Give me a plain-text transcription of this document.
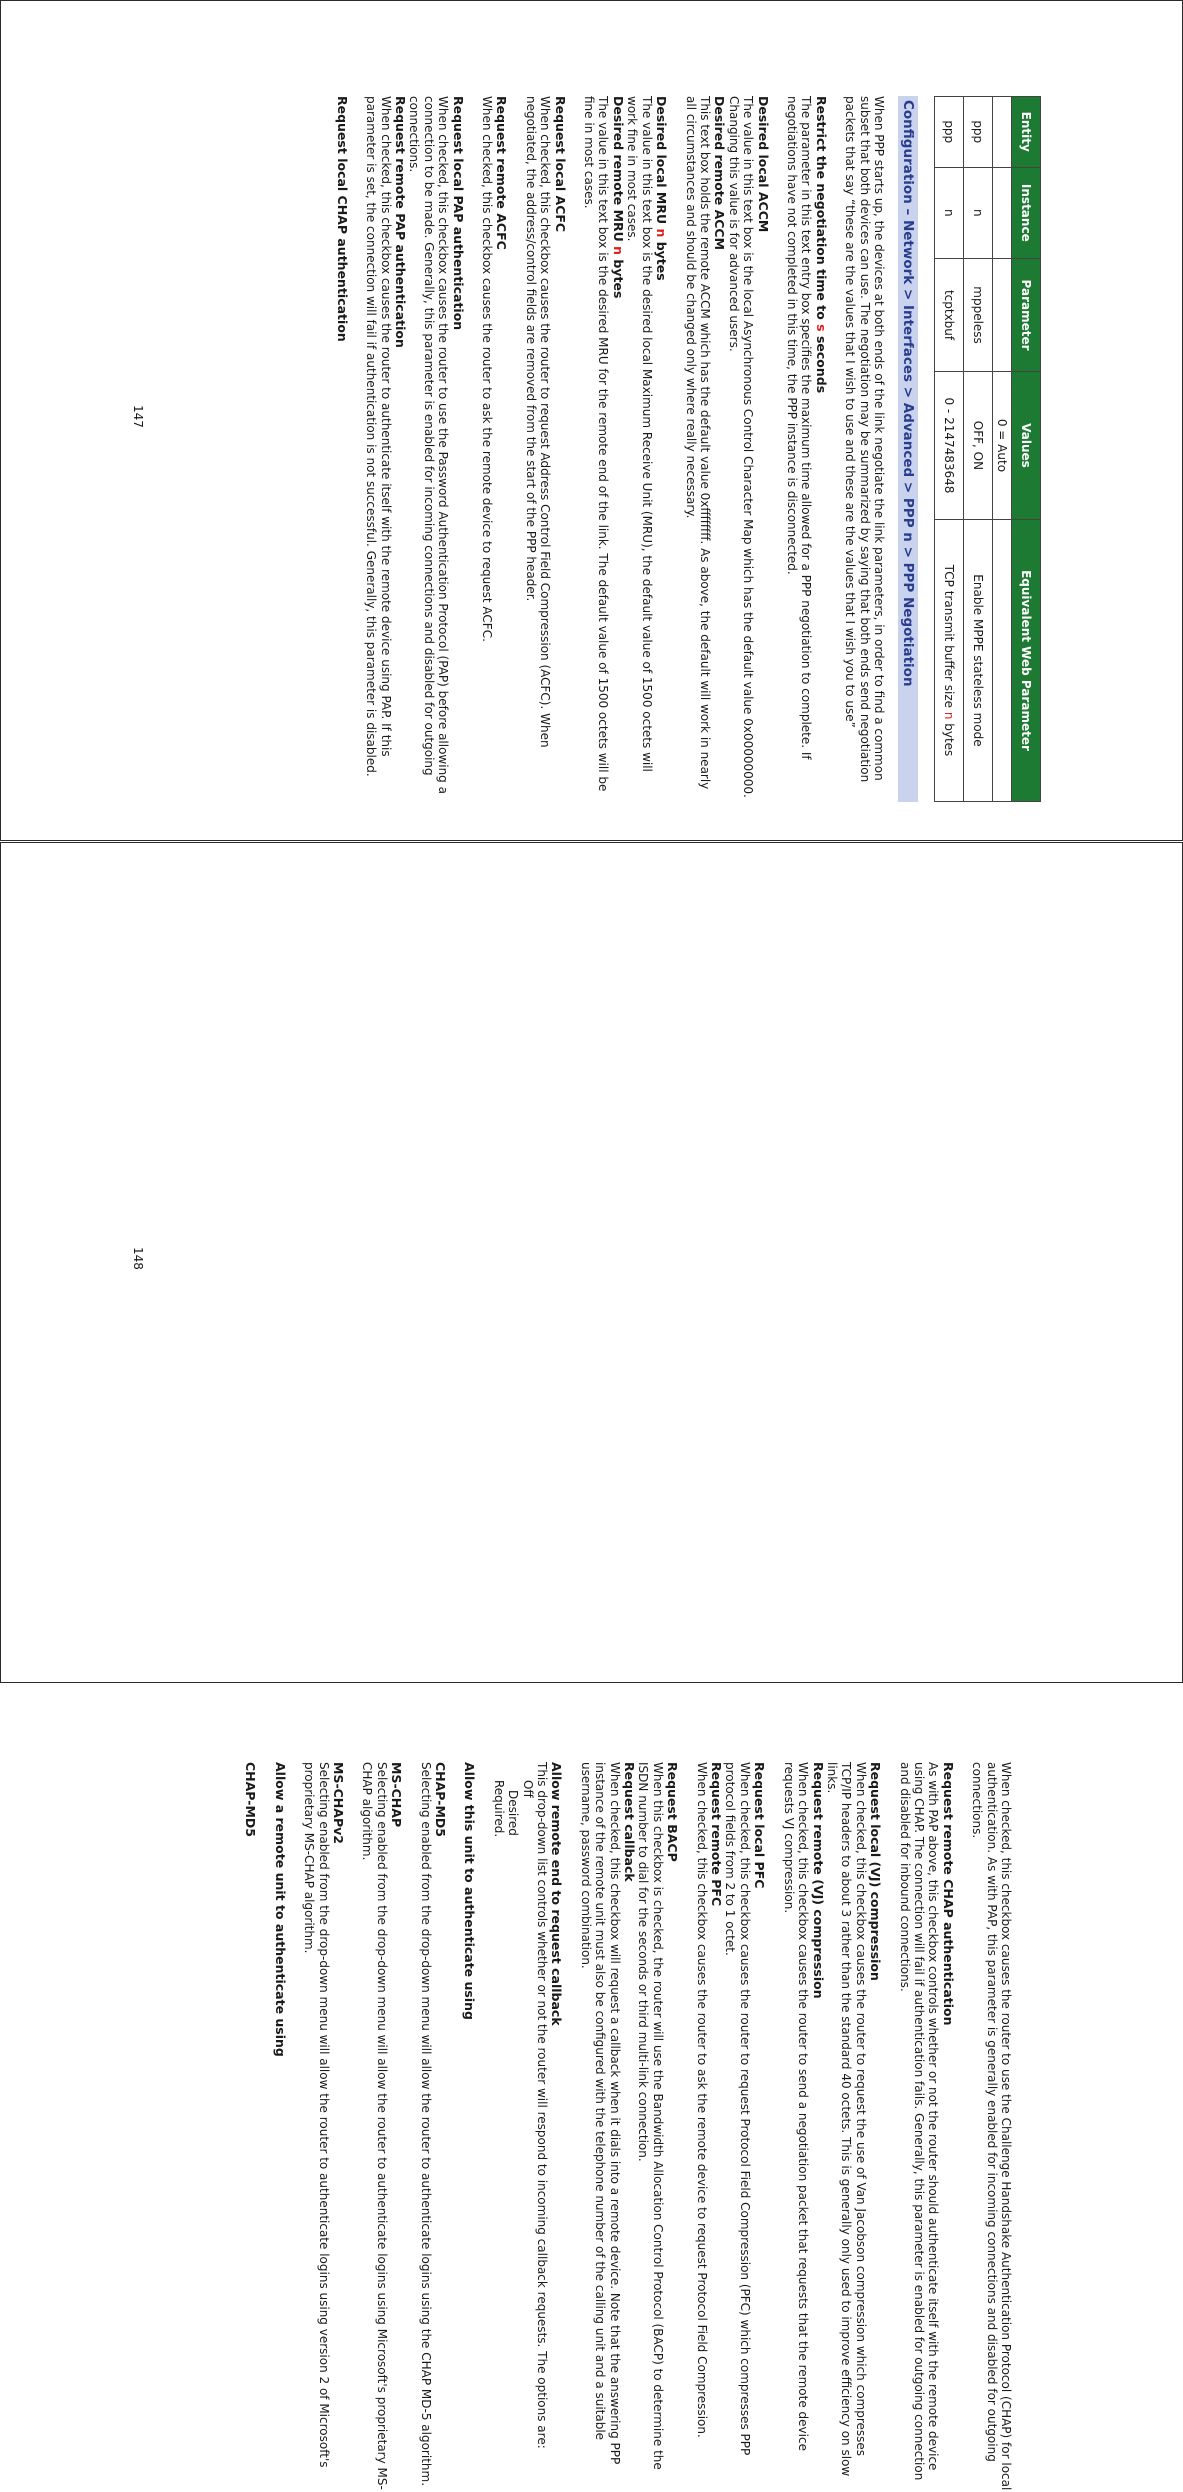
Entity	Instance	Parameter	Values	Equivalent Web Parameter
			0 = Auto	
ppp	n	mppeless	OFF, ON	Enable MPPE stateless mode
ppp	n	tcptxbuf	0 - 2147483648	TCP transmit buffer size n bytes
Configuration – Network > Interfaces > Advanced > PPP n > PPP Negotiation

When PPP starts up, the devices at both ends of the link negotiate the link parameters, in order to find a common subset that both devices can use. The negotiation may be summarized by saying that both ends send negotiation packets that say “these are the values that I wish to use and these are the values that I wish you to use”

Restrict the negotiation time to s seconds

The parameter in this text entry box specifies the maximum time allowed for a PPP negotiation to complete. If negotiations have not completed in this time, the PPP instance is disconnected.

Desired local ACCM

The value in this text box is the local Asynchronous Control Character Map which has the default value 0x00000000. Changing this value is for advanced users.

Desired remote ACCM

This text box holds the remote ACCM which has the default value 0xffffffff. As above, the default will work in nearly all circumstances and should be changed only where really necessary.

Desired local MRU n bytes

The value in this text box is the desired local Maximum Receive Unit (MRU), the default value of 1500 octets will work fine in most cases.

Desired remote MRU n bytes

The value in this text box is the desired MRU for the remote end of the link. The default value of 1500 octets will be fine in most cases.

Request local ACFC

When checked, this checkbox causes the router to request Address Control Field Compression (ACFC). When negotiated, the address/control fields are removed from the start of the PPP header.

Request remote ACFC

When checked, this checkbox causes the router to ask the remote device to request ACFC.

Request local PAP authentication

When checked, this checkbox causes the router to use the Password Authentication Protocol (PAP) before allowing a connection to be made. Generally, this parameter is enabled for incoming connections and disabled for outgoing connections.

Request remote PAP authentication

When checked, this checkbox causes the router to authenticate itself with the remote device using PAP. If this parameter is set, the connection will fail if authentication is not successful. Generally, this parameter is disabled.

Request local CHAP authentication
147

When checked, this checkbox causes the router to use the Challenge Handshake Authentication Protocol (CHAP) for local authentication. As with PAP, this parameter is generally enabled for incoming connections and disabled for outgoing connections.

Request remote CHAP authentication

As with PAP above, this checkbox controls whether or not the router should authenticate itself with the remote device using CHAP. The connection will fail if authentication fails. Generally, this parameter is enabled for outgoing connection and disabled for inbound connections.

Request local (VJ) compression

When checked, this checkbox causes the router to request the use of Van Jacobson compression which compresses TCP/IP headers to about 3 rather than the standard 40 octets. This is generally only used to improve efficiency on slow links.

Request remote (VJ) compression

When checked, this checkbox causes the router to send a negotiation packet that requests that the remote device requests VJ compression.

Request local PFC

When checked, this checkbox causes the router to request Protocol Field Compression (PFC) which compresses PPP protocol fields from 2 to 1 octet.

Request remote PFC

When checked, this checkbox causes the router to ask the remote device to request Protocol Field Compression.

Request BACP

When this checkbox is checked, the router will use the Bandwidth Allocation Control Protocol (BACP) to determine the ISDN number to dial for the seconds or third multi-link connection.

Request callback

When checked, this checkbox will request a callback when it dials into a remote device. Note that the answering PPP instance of the remote unit must also be configured with the telephone number of the calling unit and a suitable username, password combination.

Allow remote end to request callback

This drop-down list controls whether or not the router will respond to incoming callback requests. The options are:

Off

Desired

Required.

Allow this unit to authenticate using
CHAP-MD5

Selecting enabled from the drop-down menu will allow the router to authenticate logins using the CHAP MD-5 algorithm.

MS-CHAP

Selecting enabled from the drop-down menu will allow the router to authenticate logins using Microsoft's proprietary MS-CHAP algorithm.

MS-CHAPv2

Selecting enabled from the drop-down menu will allow the router to authenticate logins using version 2 of Microsoft's proprietary MS-CHAP algorithm.

Allow a remote unit to authenticate using
CHAP-MD5
148
